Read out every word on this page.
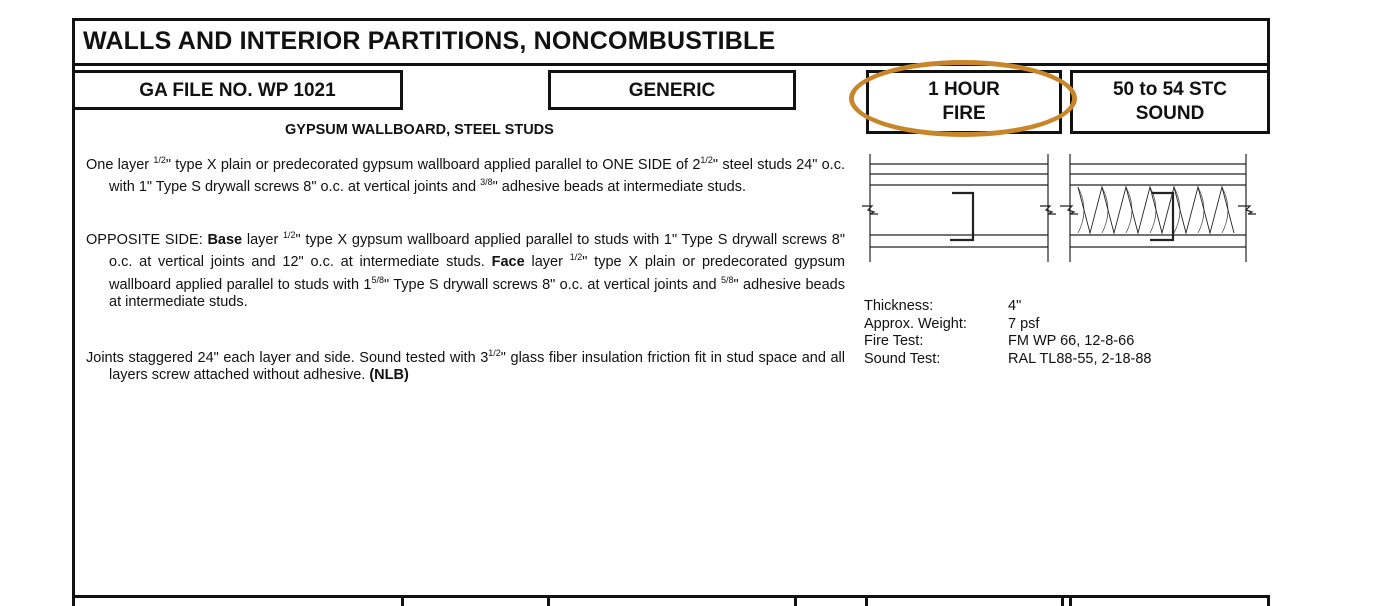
WALLS AND INTERIOR PARTITIONS, NONCOMBUSTIBLE
GA FILE NO. WP 1021	GENERIC	1 HOUR
FIRE
50 to 54 STC
SOUND
GYPSUM WALLBOARD, STEEL STUDS
One layer $^{1/2}$" type X plain or predecorated gypsum wallboard applied parallel to ONE SIDE of $2^{1/2}$" steel studs 24" o.c. with 1" Type S drywall screws 8" o.c. at vertical joints and $^{3/8}$" adhesive beads at intermediate studs.
OPPOSITE SIDE: Base layer $^{1/2}$" type X gypsum wallboard applied parallel to studs with 1" Type S drywall screws 8" o.c. at vertical joints and 12" o.c. at intermediate studs. Face layer $^{1/2}$" type X plain or predecorated gypsum wallboard applied parallel to studs with $1^{5/8}$" Type S drywall screws 8" o.c. at vertical joints and $^{5/8}$" adhesive beads at intermediate studs.
Joints staggered 24" each layer and side. Sound tested with $3^{1/2}$" glass fiber insulation friction fit in stud space and all layers screw attached without adhesive. (NLB)
Thickness:	4"
Approx. Weight:	7 psf
Fire Test:	FM WP 66, 12-8-66
Sound Test:	RAL TL88-55, 2-18-88
